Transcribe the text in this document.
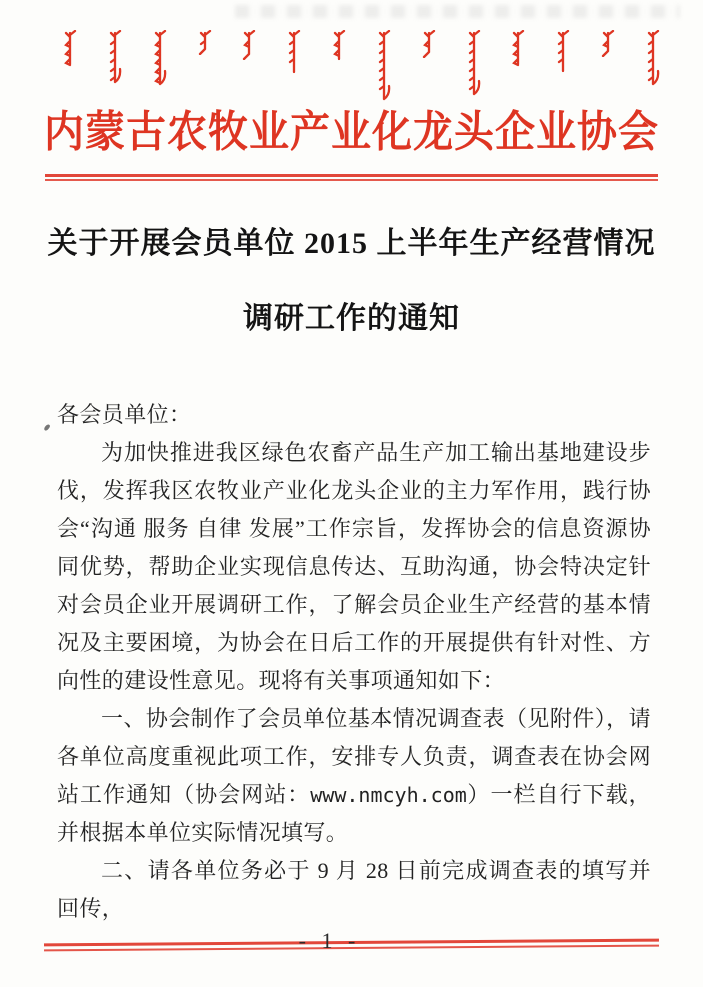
内蒙古农牧业产业化龙头企业协会
关于开展会员单位 2015 上半年生产经营情况
调研工作的通知

各会员单位：

为加快推进我区绿色农畜产品生产加工输出基地建设步伐，发挥我区农牧业产业化龙头企业的主力军作用，践行协会“沟通 服务 自律 发展”工作宗旨，发挥协会的信息资源协同优势，帮助企业实现信息传达、互助沟通，协会特决定针对会员企业开展调研工作，了解会员企业生产经营的基本情况及主要困境，为协会在日后工作的开展提供有针对性、方向性的建设性意见。现将有关事项通知如下：

一、协会制作了会员单位基本情况调查表（见附件），请各单位高度重视此项工作，安排专人负责，调查表在协会网站工作通知（协会网站：www.nmcyh.com）一栏自行下载，并根据本单位实际情况填写。

二、请各单位务必于 9 月 28 日前完成调查表的填写并回传，

- 1 -
